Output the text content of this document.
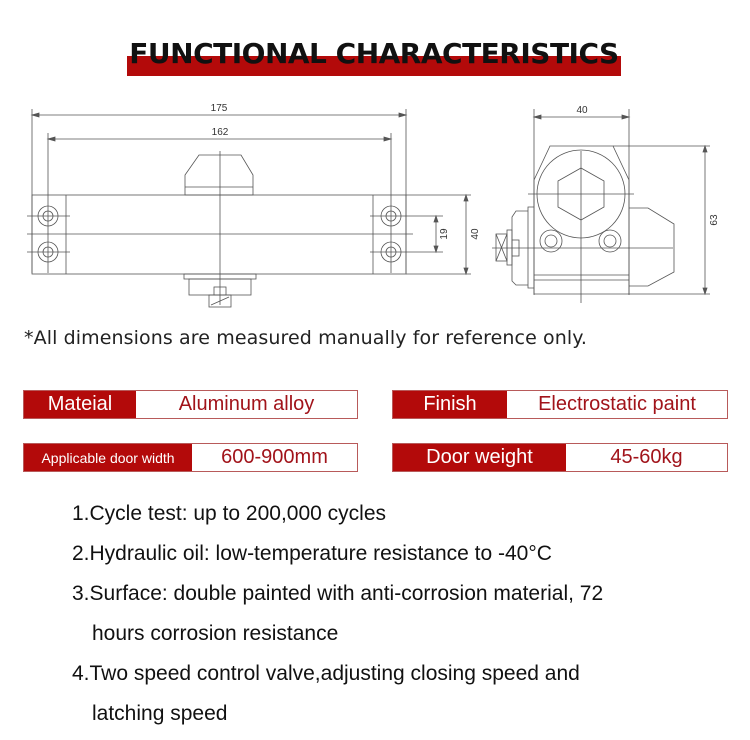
FUNCTIONAL CHARACTERISTICS
175
162
19 40
40
63
*All dimensions are measured manually for reference only.
Mateial	Aluminum alloy	Finish	Electrostatic paint
Applicable door width	600-900mm	Door weight	45-60kg
1.Cycle test: up to 200,000 cycles
2.Hydraulic oil: low-temperature resistance to -40°C
3.Surface: double painted with anti-corrosion material, 72
hours corrosion resistance
4.Two speed control valve,adjusting closing speed and
latching speed
